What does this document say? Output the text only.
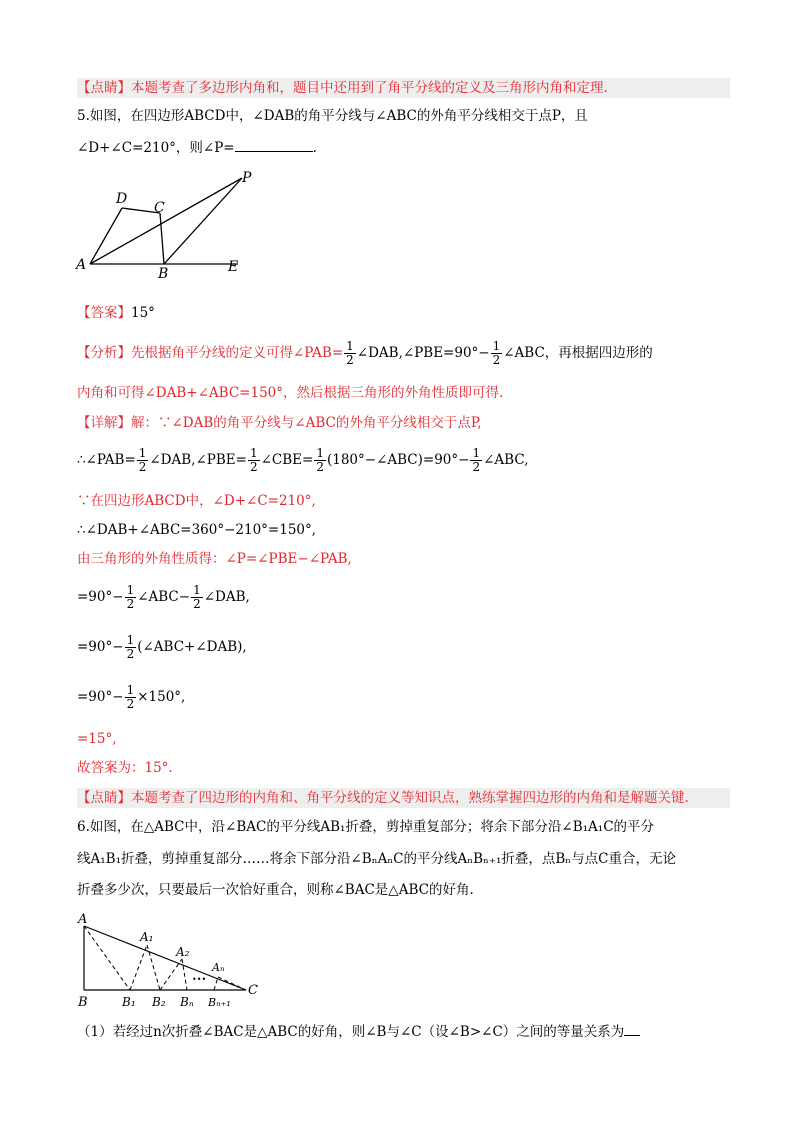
【点睛】本题考查了多边形内角和，题目中还用到了角平分线的定义及三角形内角和定理.
5.如图，在四边形ABCD中，∠DAB的角平分线与∠ABC的外角平分线相交于点P，且
∠D+∠C=210°，则∠P=	.
A
D
C
B	E
P
【答案】15°
【分析】先根据角平分线的定义可得∠PAB= $\frac{1}{2}$ ∠DAB,∠PBE=90°− $\frac{1}{2}$ ∠ABC，再根据四边形的
内角和可得∠DAB+∠ABC=150°，然后根据三角形的外角性质即可得.
【详解】解：∵∠DAB的角平分线与∠ABC的外角平分线相交于点P,
∴∠PAB= $\frac{1}{2}$ ∠DAB,∠PBE= $\frac{1}{2}$ ∠CBE= $\frac{1}{2}$ (180°−∠ABC)=90°− $\frac{1}{2}$ ∠ABC,
∵在四边形ABCD中，∠D+∠C=210°,
∴∠DAB+∠ABC=360°−210°=150°,
由三角形的外角性质得：∠P=∠PBE−∠PAB,
$=90^\circ- \frac{1}{2}$ ∠ABC− $\frac{1}{2}$ ∠DAB,
$=90^\circ- \frac{1}{2}$ (∠ABC+∠DAB),
$=90^\circ- \frac{1}{2} \times 150^\circ$,
=15°,
故答案为：15°.
【点睛】本题考查了四边形的内角和、角平分线的定义等知识点，熟练掌握四边形的内角和是解题关键.
6.如图，在△ABC中，沿∠BAC的平分线AB₁折叠，剪掉重复部分；将余下部分沿∠B₁A₁C的平分
线A₁B₁折叠，剪掉重复部分……将余下部分沿∠BₙAₙC的平分线AₙBₙ₊₁折叠，点Bₙ与点C重合，无论
折叠多少次，只要最后一次恰好重合，则称∠BAC是△ABC的好角.
A
A₁
A₂
Aₙ
•••
B	B₁ B₂ Bₙ Bₙ₊₁
C
（1）若经过n次折叠∠BAC是△ABC的好角，则∠B与∠C（设∠B>∠C）之间的等量关系为
